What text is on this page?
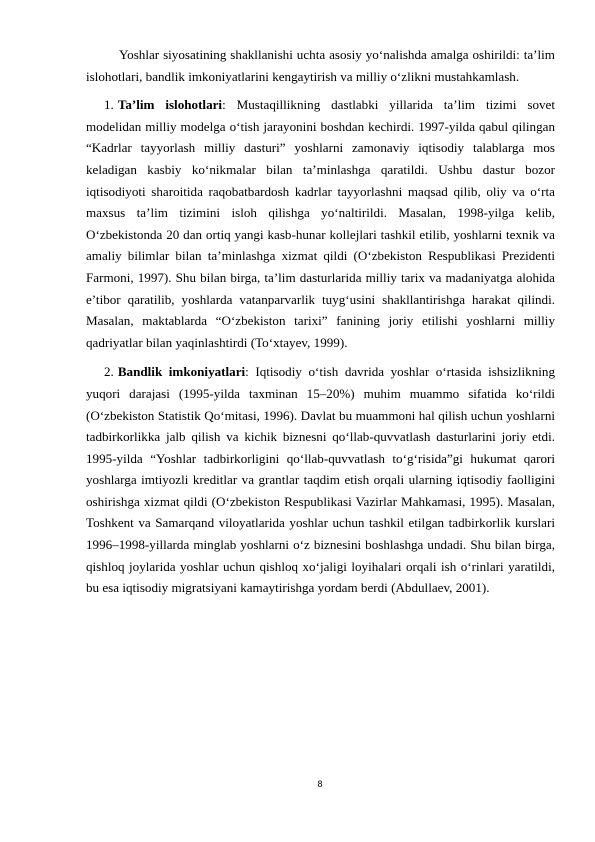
Yoshlar siyosatining shakllanishi uchta asosiy yo‘nalishda amalga oshirildi: ta’lim islohotlari, bandlik imkoniyatlarini kengaytirish va milliy o‘zlikni mustahkamlash.

1. Ta’lim islohotlari: Mustaqillikning dastlabki yillarida ta’lim tizimi sovet modelidan milliy modelga o‘tish jarayonini boshdan kechirdi. 1997-yilda qabul qilingan “Kadrlar tayyorlash milliy dasturi” yoshlarni zamonaviy iqtisodiy talablarga mos keladigan kasbiy ko‘nikmalar bilan ta’minlashga qaratildi. Ushbu dastur bozor iqtisodiyoti sharoitida raqobatbardosh kadrlar tayyorlashni maqsad qilib, oliy va o‘rta maxsus ta’lim tizimini isloh qilishga yo‘naltirildi. Masalan, 1998-yilga kelib, O‘zbekistonda 20 dan ortiq yangi kasb-hunar kollejlari tashkil etilib, yoshlarni texnik va amaliy bilimlar bilan ta’minlashga xizmat qildi (O‘zbekiston Respublikasi Prezidenti Farmoni, 1997). Shu bilan birga, ta’lim dasturlarida milliy tarix va madaniyatga alohida e’tibor qaratilib, yoshlarda vatanparvarlik tuyg‘usini shakllantirishga harakat qilindi. Masalan, maktablarda “O‘zbekiston tarixi” fanining joriy etilishi yoshlarni milliy qadriyatlar bilan yaqinlashtirdi (To‘xtayev, 1999).

2. Bandlik imkoniyatlari: Iqtisodiy o‘tish davrida yoshlar o‘rtasida ishsizlikning yuqori darajasi (1995-yilda taxminan 15–20%) muhim muammo sifatida ko‘rildi (O‘zbekiston Statistik Qo‘mitasi, 1996). Davlat bu muammoni hal qilish uchun yoshlarni tadbirkorlikka jalb qilish va kichik biznesni qo‘llab-quvvatlash dasturlarini joriy etdi. 1995-yilda “Yoshlar tadbirkorligini qo‘llab-quvvatlash to‘g‘risida”gi hukumat qarori yoshlarga imtiyozli kreditlar va grantlar taqdim etish orqali ularning iqtisodiy faolligini oshirishga xizmat qildi (O‘zbekiston Respublikasi Vazirlar Mahkamasi, 1995). Masalan, Toshkent va Samarqand viloyatlarida yoshlar uchun tashkil etilgan tadbirkorlik kurslari 1996–1998-yillarda minglab yoshlarni o‘z biznesini boshlashga undadi. Shu bilan birga, qishloq joylarida yoshlar uchun qishloq xo‘jaligi loyihalari orqali ish o‘rinlari yaratildi, bu esa iqtisodiy migratsiyani kamaytirishga yordam berdi (Abdullaev, 2001).

8
